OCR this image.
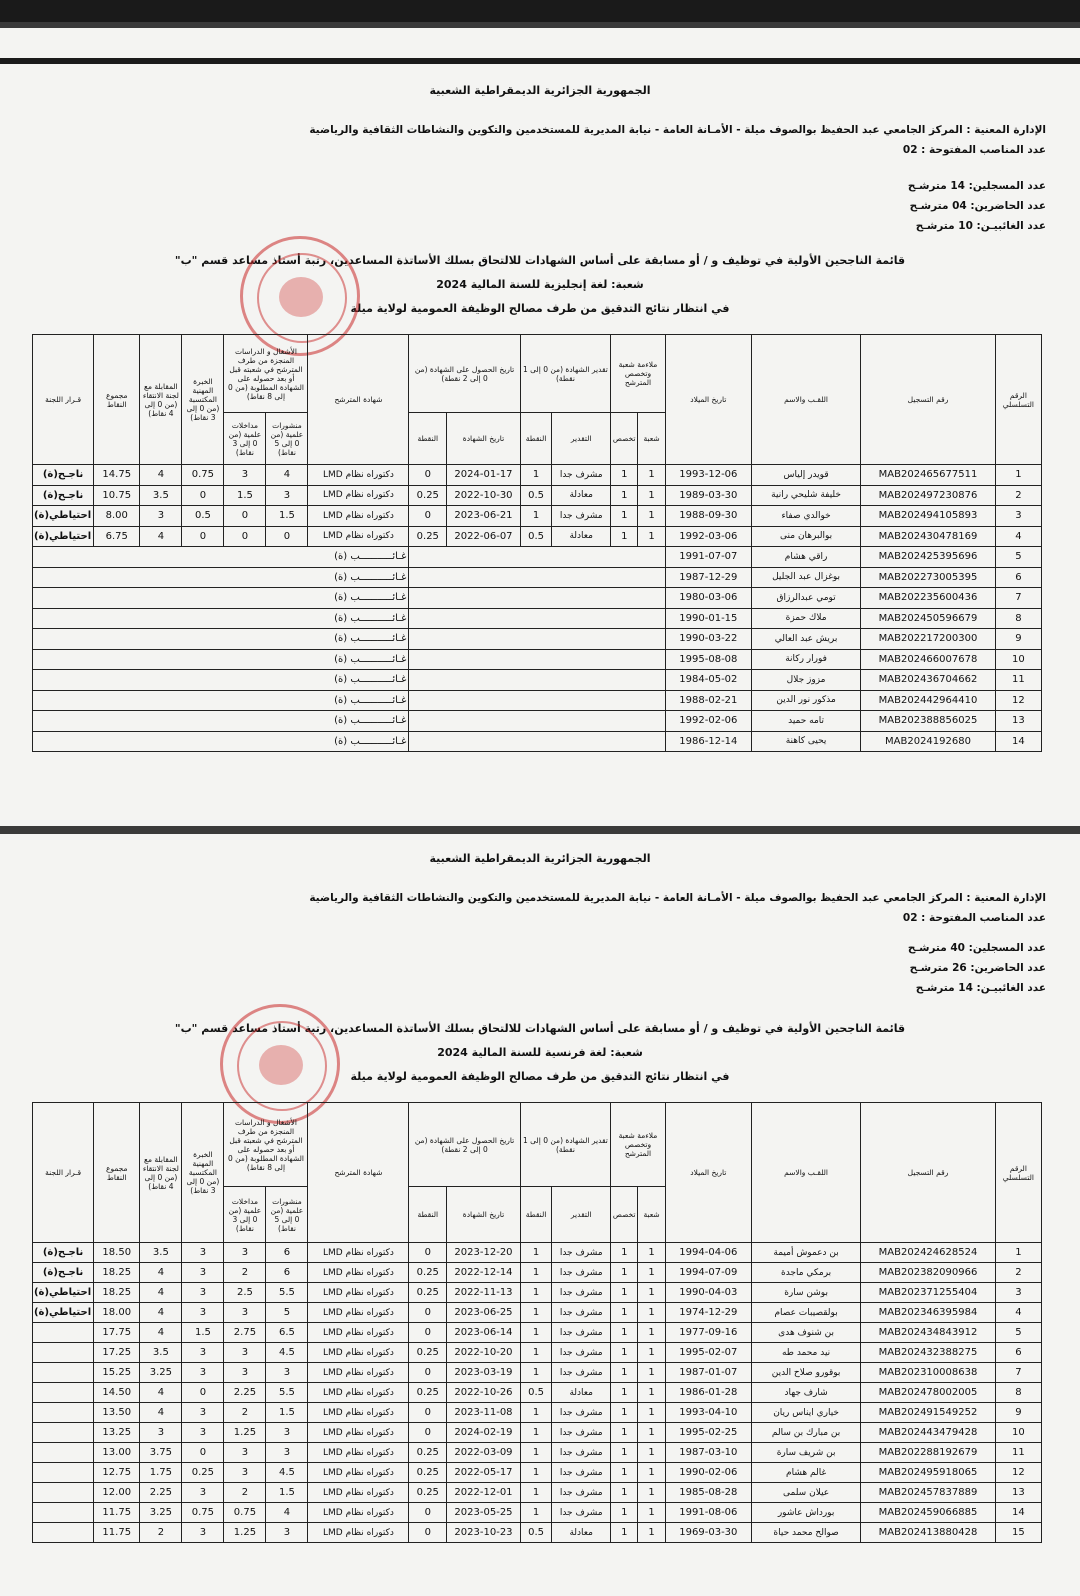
الجمهورية الجزائرية الديمقراطية الشعبية
الإدارة المعنية : المركز الجامعي عبد الحفيظ بوالصوف ميلة - الأمـانة العامة - نيابة المديرية للمستخدمين والتكوين والنشاطات الثقافية والرياضية
عدد المناصب المفتوحة : 02
عدد المسجلين: 14 مترشـح
عدد الحاضرين: 04 مترشـح
عدد الغائبيـن: 10 مترشـح
قائمة الناجحين الأولية في توظيف و / أو مسابقة على أساس الشهادات للالتحاق بسلك الأساتذة المساعدين، رتبة أستاذ مساعد قسم "ب"
شعبة: لغة إنجليزية للسنة المالية 2024
في انتظار نتائج التدقيق من طرف مصالح الوظيفة العمومية لولاية ميلة
الرقم التسلسلي	رقم التسجيل	اللقـب والاسم	تاريخ الميلاد	ملاءمة شعبة وتخصص المترشح		تقدير الشهادة (من 0 إلى 1 نقطة)		تاريخ الحصول على الشهادة (من 0 إلى 2 نقطة)		شهادة المترشح	الأشغال و الدراسات المنجزة من طرف المترشح في شعبته قبل أو بعد حصوله على الشهادة المطلوبة (من 0 إلى 8 نقاط)		الخبرة المهنية المكتسبة (من 0 إلى 3 نقاط)	المقابلة مع لجنة الانتقاء (من 0 إلى 4 نقاط)	مجموع النقاط	قـرار اللجنة
				شعبة	تخصص	التقدير	النقطة	تاريخ الشهادة	النقطة		منشورات علمية (من 0 إلى 5 نقاط)	مداخلات علمية (من 0 إلى 3 نقاط)				
1	MAB202465677511	قويدر إلياس	1993-12-06	1	1	مشرف جدا	1	2024-01-17	0	دكتوراه نظام LMD	4	3	0.75	4	14.75	ناجـح(ة)
2	MAB202497230876	خليفة شليحي رانية	1989-03-30	1	1	معادلة	0.5	2022-10-30	0.25	دكتوراه نظام LMD	3	1.5	0	3.5	10.75	ناجـح(ة)
3	MAB202494105893	خوالدي صفاء	1988-09-30	1	1	مشرف جدا	1	2023-06-21	0	دكتوراه نظام LMD	1.5	0	0.5	3	8.00	احتياطي(ة)
4	MAB202430478169	بوالبرهان منى	1992-03-06	1	1	معادلة	0.5	2022-06-07	0.25	دكتوراه نظام LMD	0	0	0	4	6.75	احتياطي(ة)
5	MAB202425395696	راقي هشام	1991-07-07							غـائـــــــــــب (ة)						
6	MAB202273005395	بوغزال عبد الجليل	1987-12-29							غـائـــــــــــب (ة)						
7	MAB202235600436	تومي عبدالرزاق	1980-03-06							غـائـــــــــــب (ة)						
8	MAB202450596679	ملاك حمزة	1990-01-15							غـائـــــــــــب (ة)						
9	MAB202217200300	بريش عبد العالي	1990-03-22							غـائـــــــــــب (ة)						
10	MAB202466007678	فورار ركانة	1995-08-08							غـائـــــــــــب (ة)						
11	MAB202436704662	مزوز جلال	1984-05-02							غـائـــــــــــب (ة)						
12	MAB202442964410	مذكور نور الدين	1988-02-21							غـائـــــــــــب (ة)						
13	MAB202388856025	تامه حميد	1992-02-06							غـائـــــــــــب (ة)						
14	MAB2024192680	يحيى كاهنة	1986-12-14							غـائـــــــــــب (ة)						
الجمهورية الجزائرية الديمقراطية الشعبية
الإدارة المعنية : المركز الجامعي عبد الحفيظ بوالصوف ميلة - الأمـانة العامة - نيابة المديرية للمستخدمين والتكوين والنشاطات الثقافية والرياضية
عدد المناصب المفتوحة : 02
عدد المسجلين: 40 مترشـح
عدد الحاضرين: 26 مترشـح
عدد الغائبيـن: 14 مترشـح
قائمة الناجحين الأولية في توظيف و / أو مسابقة على أساس الشهادات للالتحاق بسلك الأساتذة المساعدين، رتبة أستاذ مساعد قسم "ب"
شعبة: لغة فرنسية للسنة المالية 2024
في انتظار نتائج التدقيق من طرف مصالح الوظيفة العمومية لولاية ميلة
الرقم التسلسلي	رقم التسجيل	اللقـب والاسم	تاريخ الميلاد	ملاءمة شعبة وتخصص المترشح		تقدير الشهادة (من 0 إلى 1 نقطة)		تاريخ الحصول على الشهادة (من 0 إلى 2 نقطة)		شهادة المترشح	الأشغال و الدراسات المنجزة من طرف المترشح في شعبته قبل أو بعد حصوله على الشهادة المطلوبة (من 0 إلى 8 نقاط)		الخبرة المهنية المكتسبة (من 0 إلى 3 نقاط)	المقابلة مع لجنة الانتقاء (من 0 إلى 4 نقاط)	مجموع النقاط	قـرار اللجنة
				شعبة	تخصص	التقدير	النقطة	تاريخ الشهادة	النقطة		منشورات علمية (من 0 إلى 5 نقاط)	مداخلات علمية (من 0 إلى 3 نقاط)				
1	MAB202424628524	بن دعموش أميمة	1994-04-06	1	1	مشرف جدا	1	2023-12-20	0	دكتوراه نظام LMD	6	3	3	3.5	18.50	ناجـح(ة)
2	MAB202382090966	برمكي ماجدة	1994-07-09	1	1	مشرف جدا	1	2022-12-14	0.25	دكتوراه نظام LMD	6	2	3	4	18.25	ناجـح(ة)
3	MAB202371255404	بوشن سارة	1990-04-03	1	1	مشرف جدا	1	2022-11-13	0.25	دكتوراه نظام LMD	5.5	2.5	3	4	18.25	احتياطي(ة)
4	MAB202346395984	بولقصيبات عصام	1974-12-29	1	1	مشرف جدا	1	2023-06-25	0	دكتوراه نظام LMD	5	3	3	4	18.00	احتياطي(ة)
5	MAB202434843912	بن شنوف هدى	1977-09-16	1	1	مشرف جدا	1	2023-06-14	0	دكتوراه نظام LMD	6.5	2.75	1.5	4	17.75	
6	MAB202432388275	نيد محمد طه	1995-02-07	1	1	مشرف جدا	1	2022-10-20	0.25	دكتوراه نظام LMD	4.5	3	3	3.5	17.25	
7	MAB202310008638	بوقورو صلاح الدين	1987-01-07	1	1	مشرف جدا	1	2023-03-19	0	دكتوراه نظام LMD	3	3	3	3.25	15.25	
8	MAB202478002005	شارف جهاد	1986-01-28	1	1	معادلة	0.5	2022-10-26	0.25	دكتوراه نظام LMD	5.5	2.25	0	4	14.50	
9	MAB202491549252	خياري ايناس ريان	1993-04-10	1	1	مشرف جدا	1	2023-11-08	0	دكتوراه نظام LMD	1.5	2	3	4	13.50	
10	MAB202443479428	بن مبارك بن سالم	1995-02-25	1	1	مشرف جدا	1	2024-02-19	0	دكتوراه نظام LMD	3	1.25	3	3	13.25	
11	MAB202288192679	بن شريف سارة	1987-03-10	1	1	مشرف جدا	1	2022-03-09	0.25	دكتوراه نظام LMD	3	3	0	3.75	13.00	
12	MAB202495918065	غالم هشام	1990-02-06	1	1	مشرف جدا	1	2022-05-17	0.25	دكتوراه نظام LMD	4.5	3	0.25	1.75	12.75	
13	MAB202457837889	عيلان سلمى	1985-08-28	1	1	مشرف جدا	1	2022-12-01	0.25	دكتوراه نظام LMD	1.5	2	3	2.25	12.00	
14	MAB202459066885	بورداش عاشور	1991-08-06	1	1	مشرف جدا	1	2023-05-25	0	دكتوراه نظام LMD	4	0.75	0.75	3.25	11.75	
15	MAB202413880428	صوالح محمد حياة	1969-03-30	1	1	معادلة	0.5	2023-10-23	0	دكتوراه نظام LMD	3	1.25	3	2	11.75	
